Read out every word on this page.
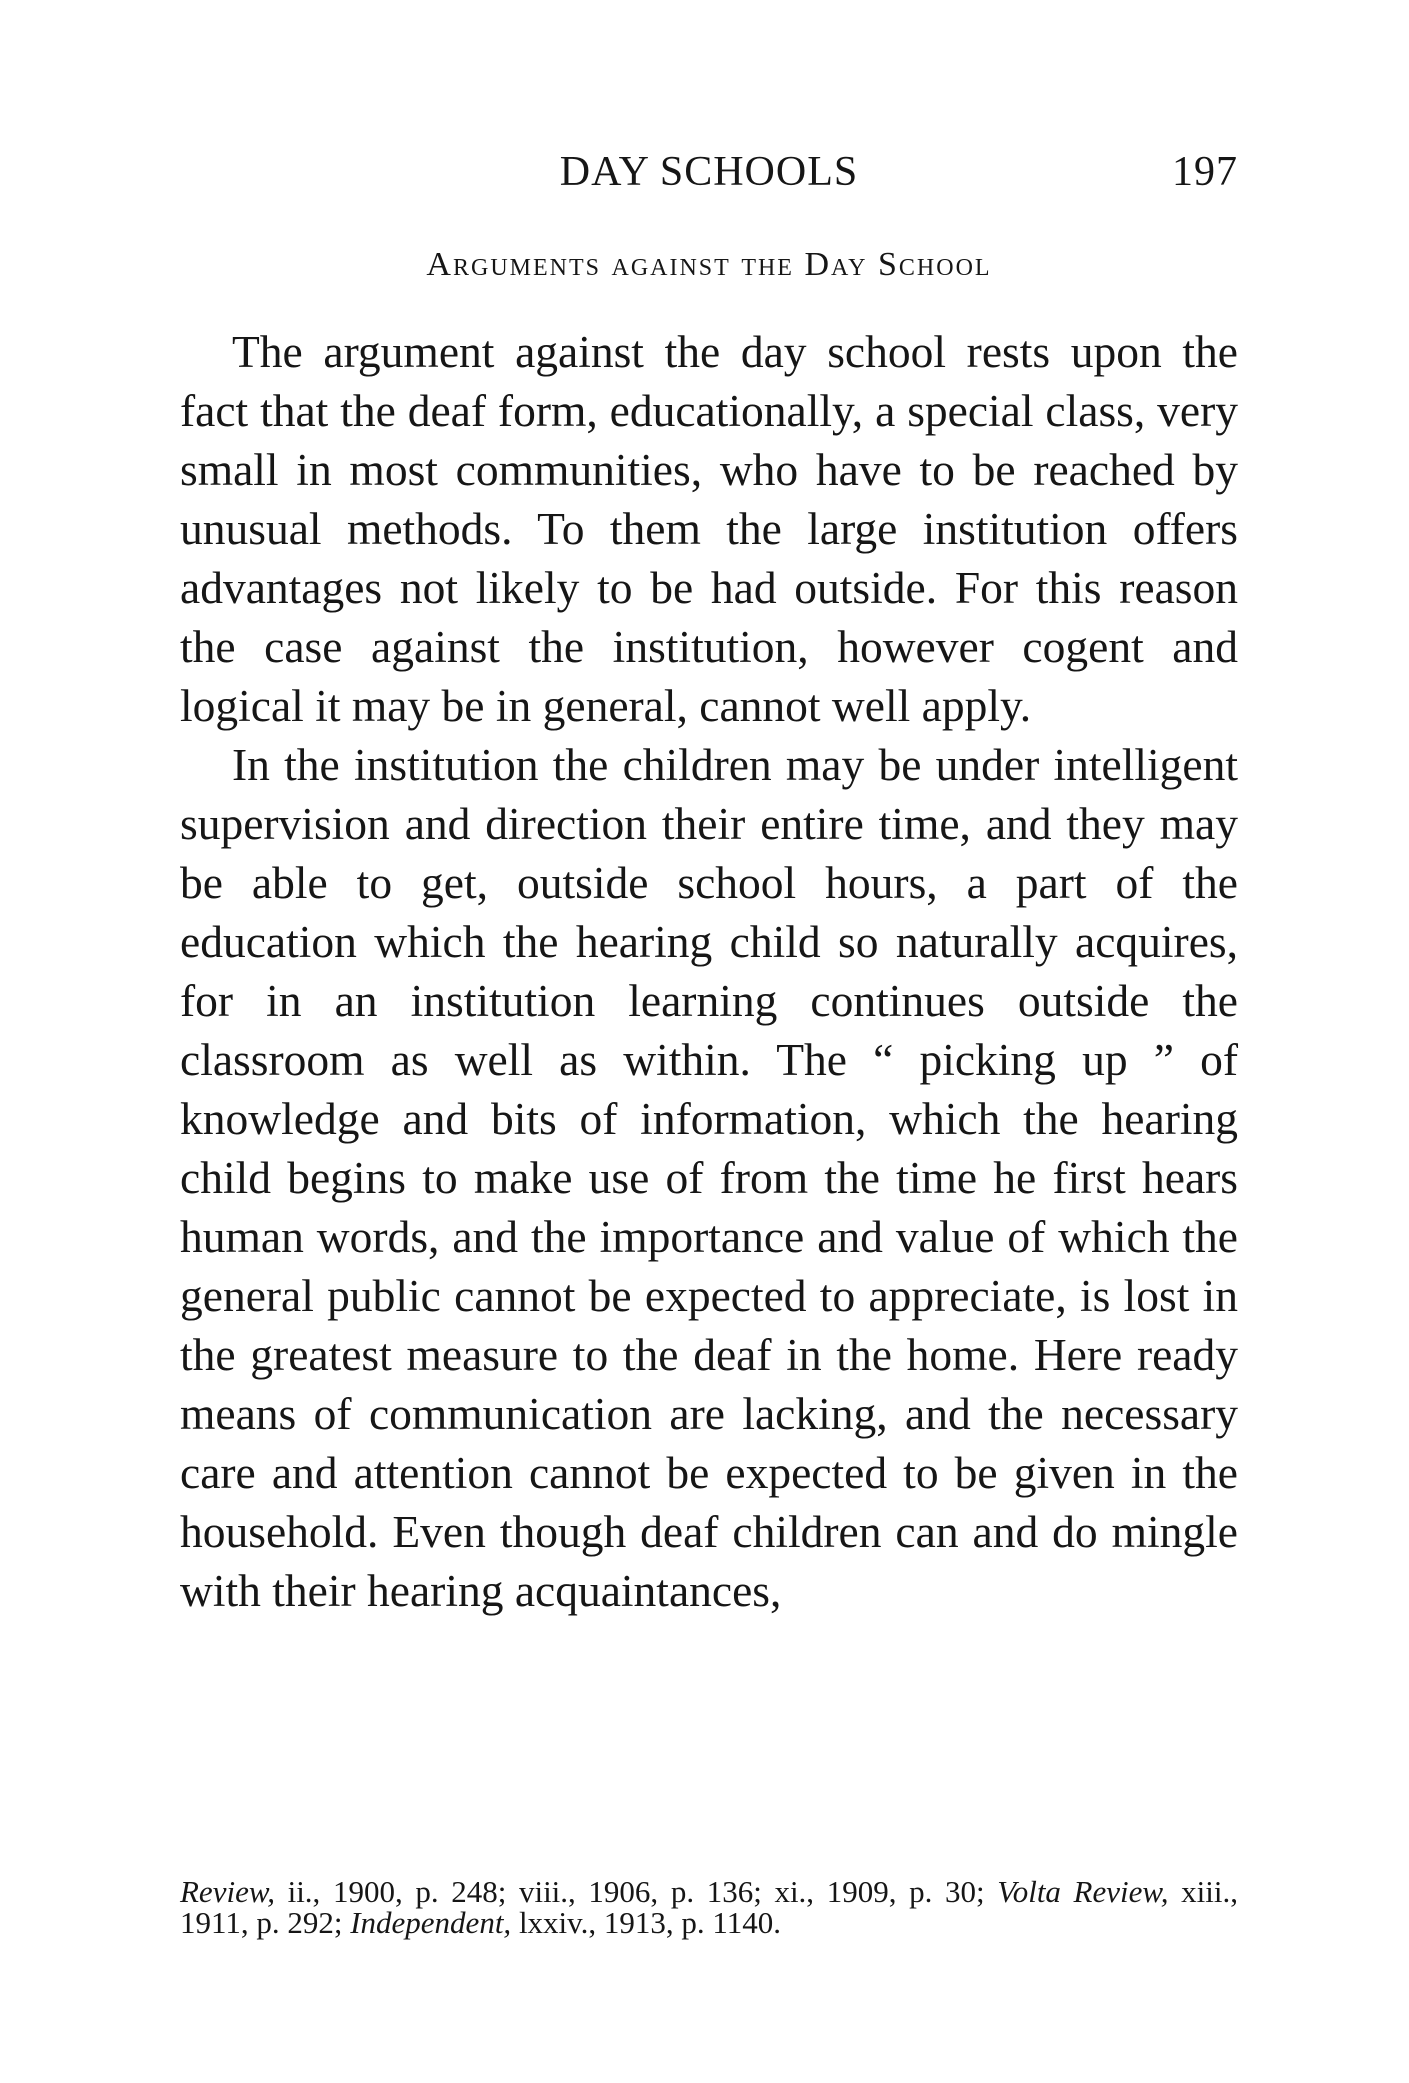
DAY SCHOOLS	197
Arguments against the Day School

The argument against the day school rests upon the fact that the deaf form, educationally, a special class, very small in most communities, who have to be reached by unusual methods. To them the large institution offers advantages not likely to be had outside. For this reason the case against the institution, however cogent and logical it may be in general, cannot well apply.

In the institution the children may be under intelligent supervision and direction their entire time, and they may be able to get, outside school hours, a part of the education which the hearing child so naturally acquires, for in an institution learning continues outside the classroom as well as within. The “ picking up ” of knowledge and bits of information, which the hearing child begins to make use of from the time he first hears human words, and the importance and value of which the general public cannot be expected to appreciate, is lost in the greatest measure to the deaf in the home. Here ready means of communication are lacking, and the necessary care and attention cannot be expected to be given in the household. Even though deaf children can and do mingle with their hearing acquaintances,

Review, ii., 1900, p. 248; viii., 1906, p. 136; xi., 1909, p. 30; Volta Review, xiii., 1911, p. 292; Independent, lxxiv., 1913, p. 1140.
